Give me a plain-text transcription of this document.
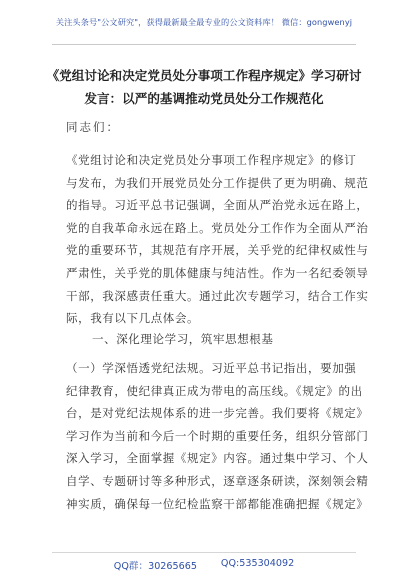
关注头条号"公文研究"，获得最新最全最专业的公文资料库！ 微信：gongwenyj
《党组讨论和决定党员处分事项工作程序规定》学习研讨
发言：以严的基调推动党员处分工作规范化
同志们：
《党组讨论和决定党员处分事项工作程序规定》的修订
与发布，为我们开展党员处分工作提供了更为明确、规范
的指导。习近平总书记强调，全面从严治党永远在路上，
党的自我革命永远在路上。党员处分工作作为全面从严治
党的重要环节，其规范有序开展，关乎党的纪律权威性与
严肃性，关乎党的肌体健康与纯洁性。作为一名纪委领导
干部，我深感责任重大。通过此次专题学习，结合工作实
际，我有以下几点体会。
一、深化理论学习，筑牢思想根基
（一）学深悟透党纪法规。习近平总书记指出，要加强
纪律教育，使纪律真正成为带电的高压线。《规定》的出
台，是对党纪法规体系的进一步完善。我们要将《规定》
学习作为当前和今后一个时期的重要任务，组织分管部门
深入学习，全面掌握《规定》内容。通过集中学习、个人
自学、专题研讨等多种形式，逐章逐条研读，深刻领会精
神实质，确保每一位纪检监察干部都能准确把握《规定》
QQ群：30265665	QQ:535304092
